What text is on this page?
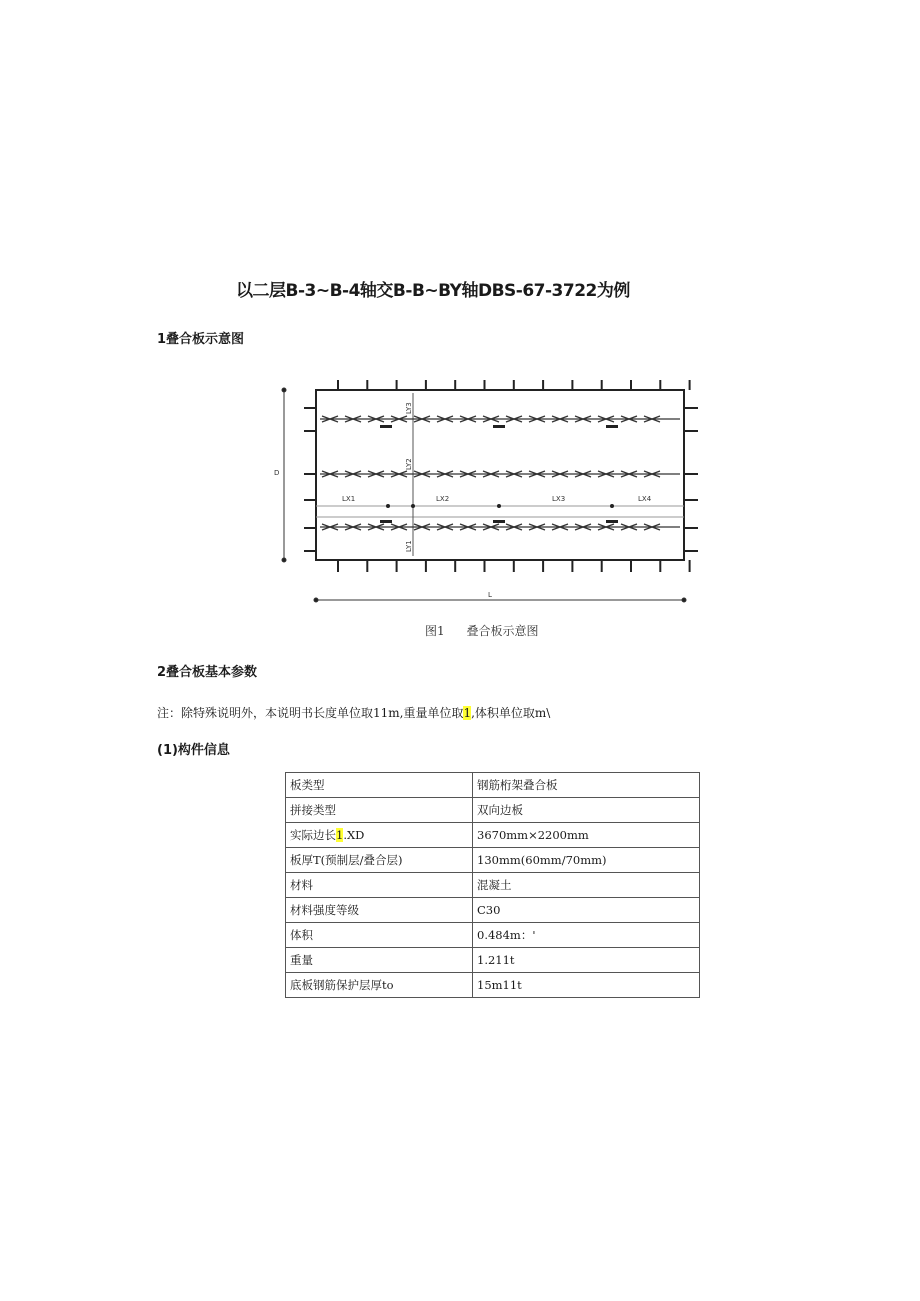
以二层B-3~B-4轴交B-B~BY轴DBS-67-3722为例
1叠合板示意图
D
L
LX1	LX2	LX3	LX4
LY3
LY2
LY1
图1 叠合板示意图
2叠合板基本参数
注：除特殊说明外，本说明书长度单位取11m,重量单位取1,体积单位取m\
(1)构件信息
板类型	钢筋桁架叠合板
拼接类型	双向边板
实际边长1.XD	3670mm×2200mm
板厚T(预制层/叠合层)	130mm(60mm/70mm)
材料	混凝土
材料强度等级	C30
体积	0.484m：'
重量	1.211t
底板钢筋保护层厚to	15m11t
